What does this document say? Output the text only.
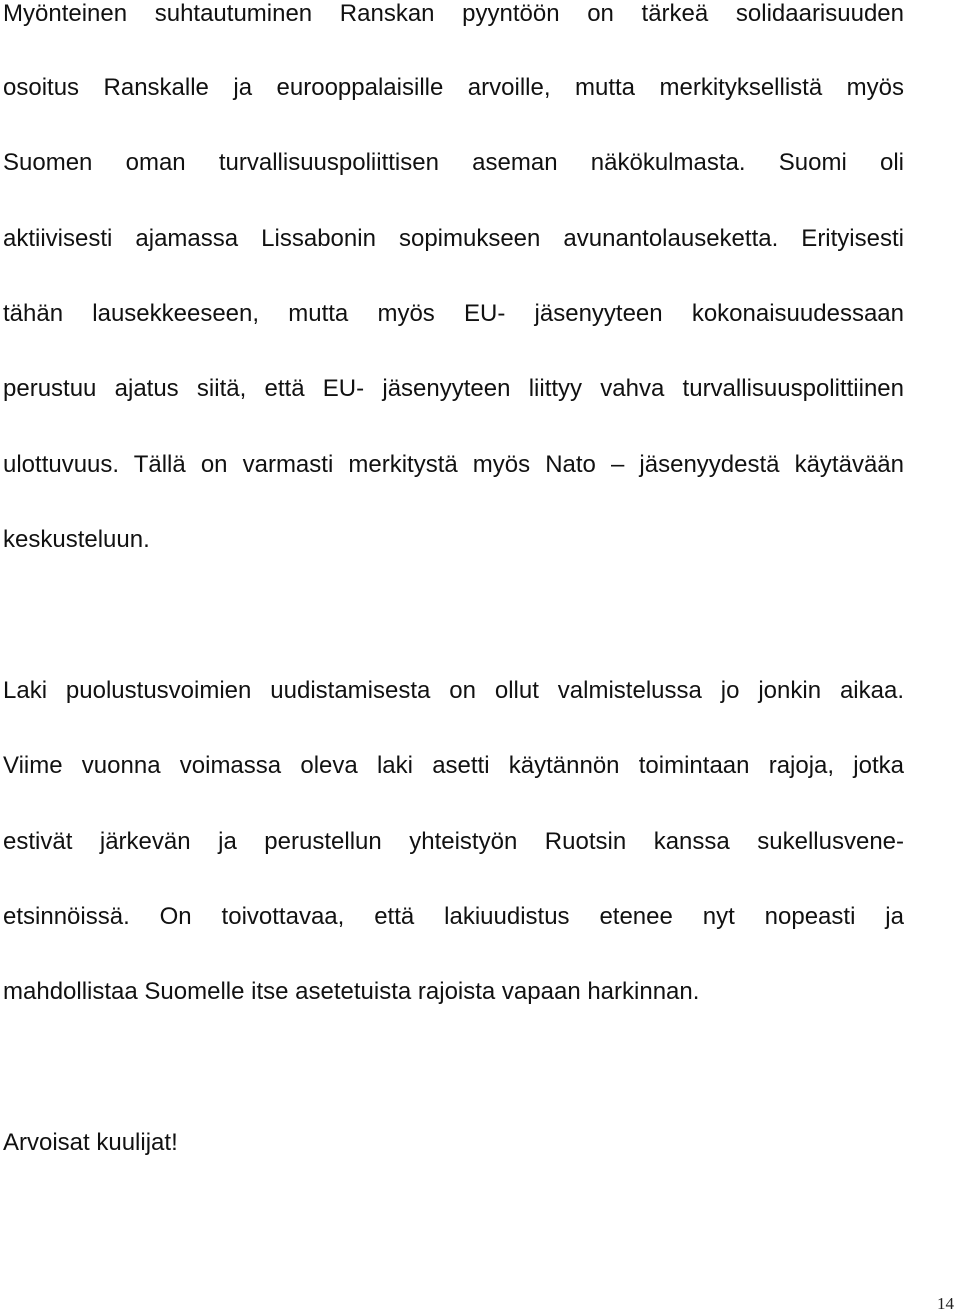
Myönteinen suhtautuminen Ranskan pyyntöön on tärkeä solidaarisuuden
osoitus Ranskalle ja eurooppalaisille arvoille, mutta merkityksellistä myös
Suomen oman turvallisuuspoliittisen aseman näkökulmasta. Suomi oli
aktiivisesti ajamassa Lissabonin sopimukseen avunantolauseketta. Erityisesti
tähän lausekkeeseen, mutta myös EU- jäsenyyteen kokonaisuudessaan
perustuu ajatus siitä, että EU- jäsenyyteen liittyy vahva turvallisuuspolittiinen
ulottuvuus. Tällä on varmasti merkitystä myös Nato – jäsenyydestä käytävään
keskusteluun.
Laki puolustusvoimien uudistamisesta on ollut valmistelussa jo jonkin aikaa.
Viime vuonna voimassa oleva laki asetti käytännön toimintaan rajoja, jotka
estivät järkevän ja perustellun yhteistyön Ruotsin kanssa sukellusvene-
etsinnöissä. On toivottavaa, että lakiuudistus etenee nyt nopeasti ja
mahdollistaa Suomelle itse asetetuista rajoista vapaan harkinnan.
Arvoisat kuulijat!
14
